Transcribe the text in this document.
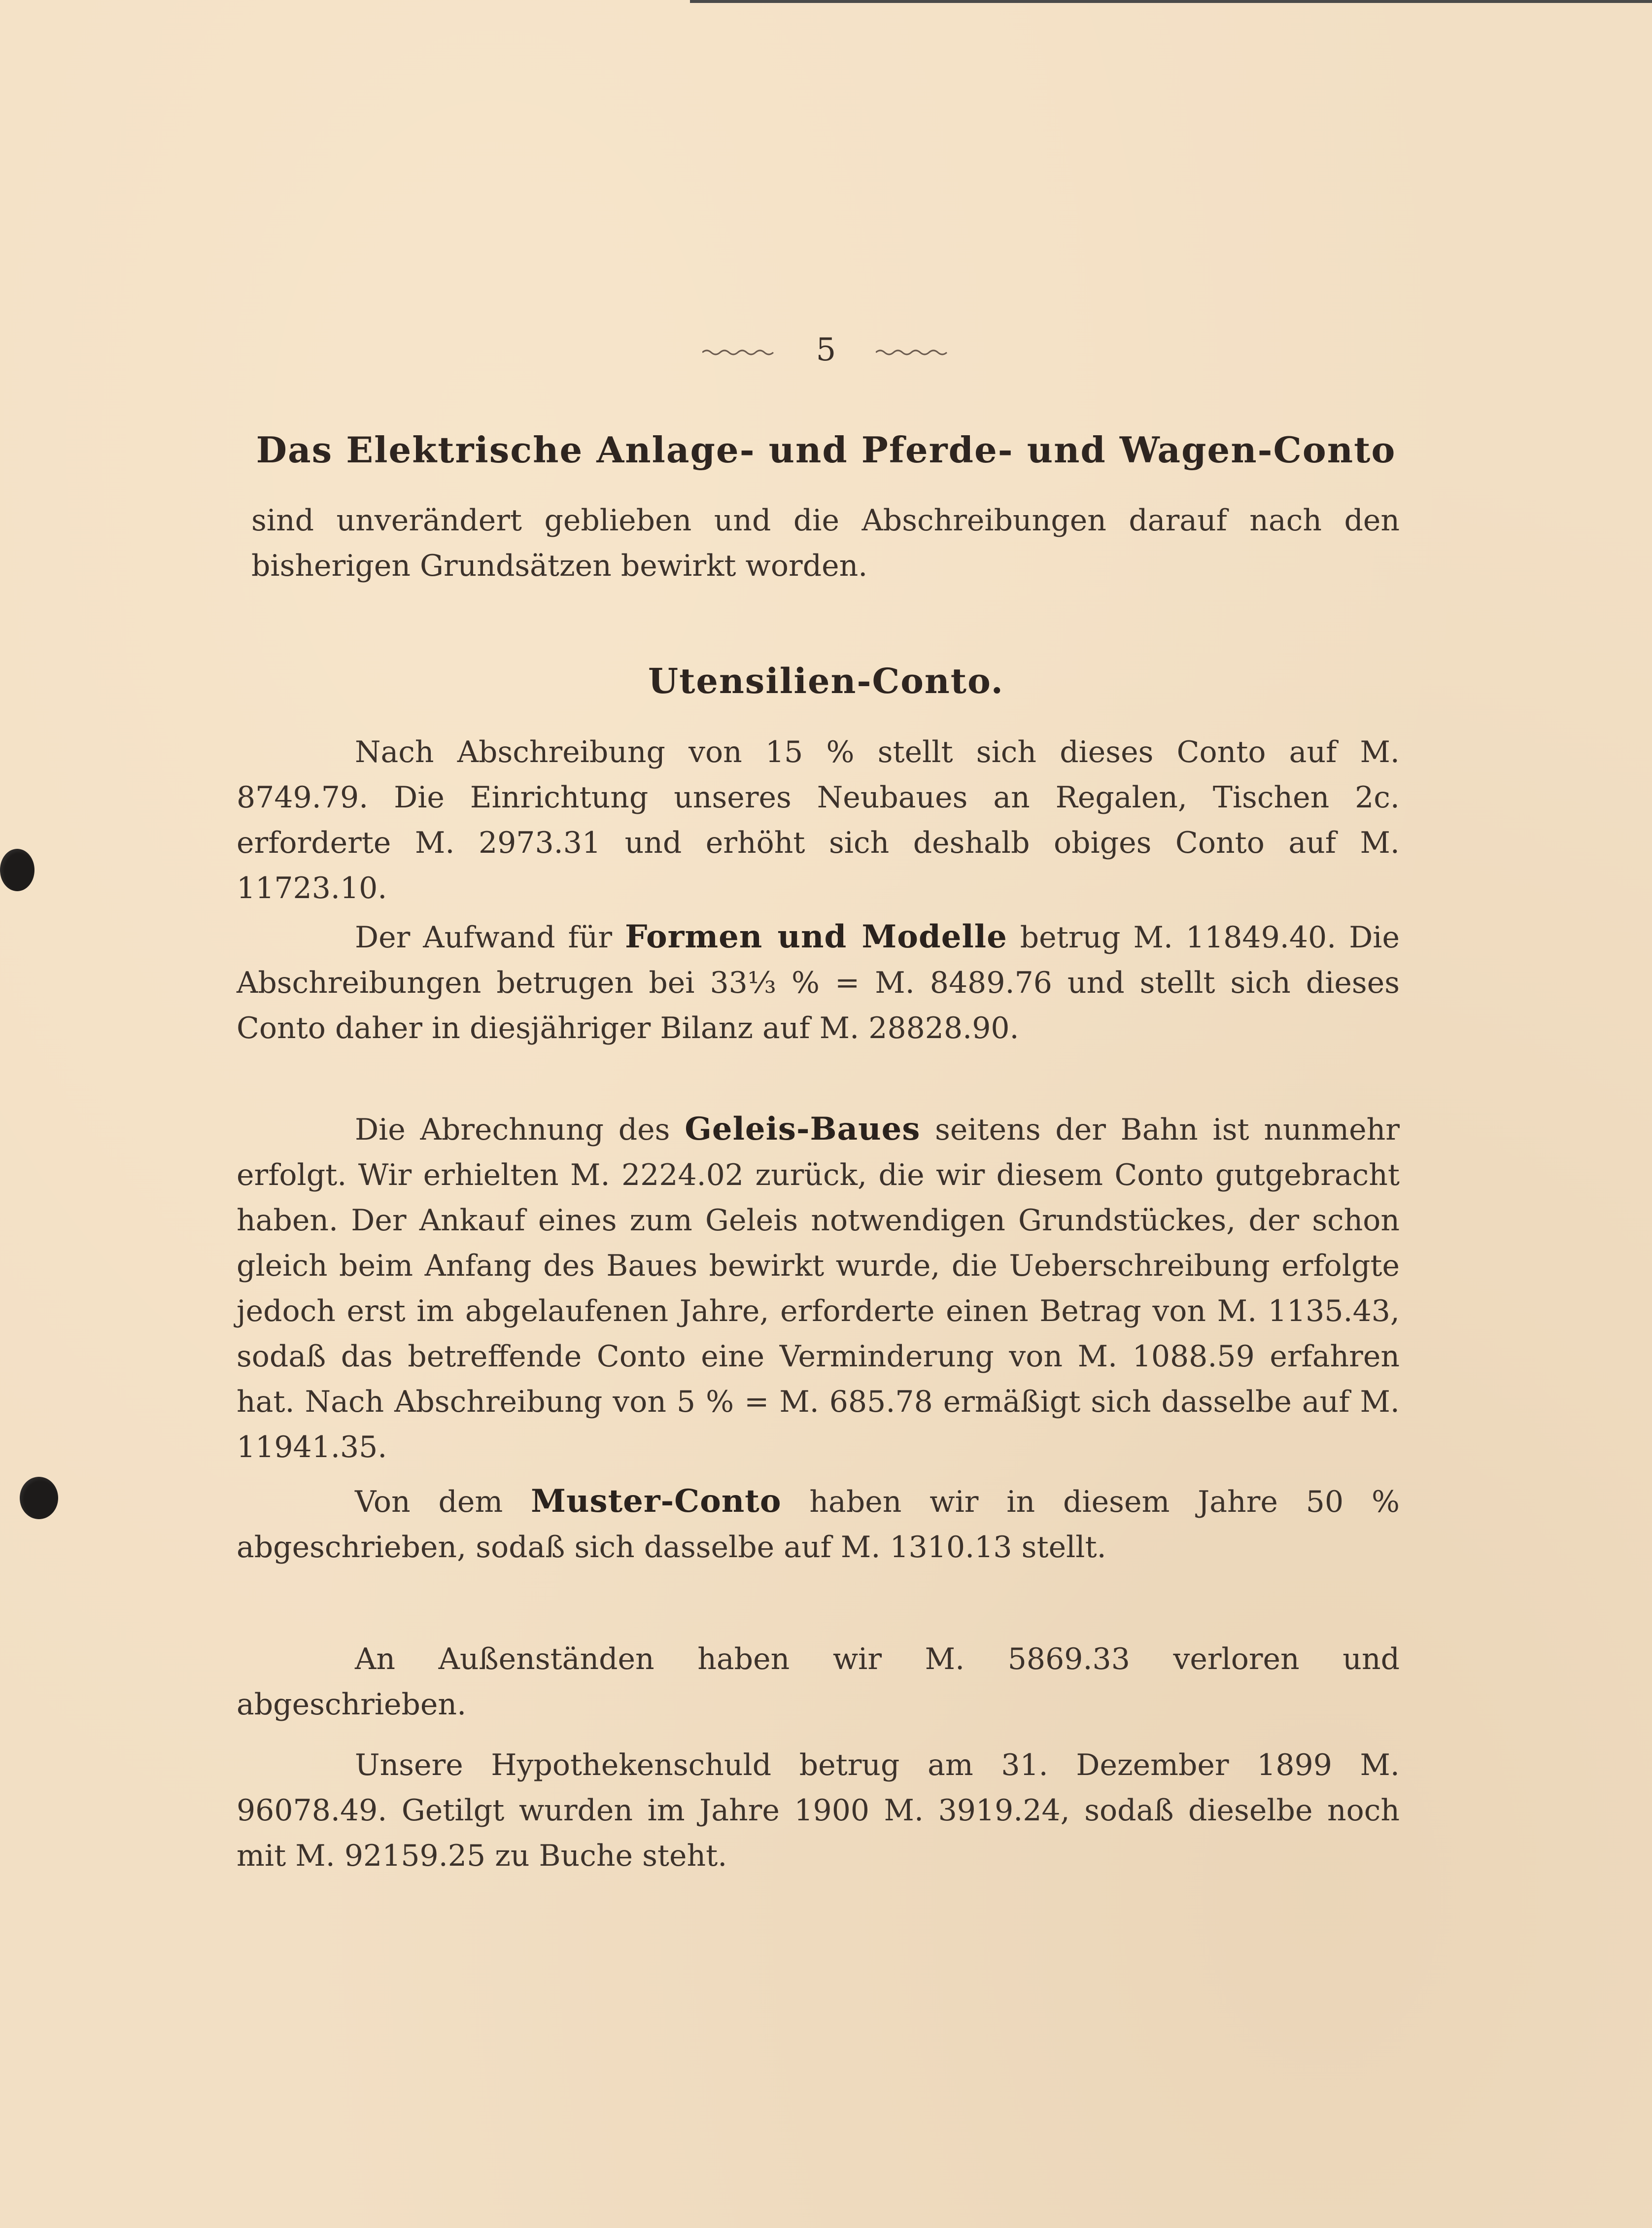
5
Das Elektrische Anlage- und Pferde- und Wagen-Conto

sind unverändert geblieben und die Abschreibungen darauf nach den bisherigen Grundsätzen bewirkt worden.

Utensilien-Conto.

Nach Abschreibung von 15 % stellt sich dieses Conto auf M. 8749.79. Die Einrichtung unseres Neubaues an Regalen, Tischen 2c. erforderte M. 2973.31 und erhöht sich deshalb obiges Conto auf M. 11723.10.

Der Aufwand für Formen und Modelle betrug M. 11849.40. Die Abschreibungen betrugen bei 33⅓ % = M. 8489.76 und stellt sich dieses Conto daher in diesjähriger Bilanz auf M. 28828.90.

Die Abrechnung des Geleis-Baues seitens der Bahn ist nunmehr erfolgt. Wir erhielten M. 2224.02 zurück, die wir diesem Conto gutgebracht haben. Der Ankauf eines zum Geleis notwendigen Grundstückes, der schon gleich beim Anfang des Baues bewirkt wurde, die Ueberschreibung erfolgte jedoch erst im abgelaufenen Jahre, erforderte einen Betrag von M. 1135.43, sodaß das betreffende Conto eine Verminderung von M. 1088.59 erfahren hat. Nach Abschreibung von 5 % = M. 685.78 ermäßigt sich dasselbe auf M. 11941.35.

Von dem Muster-Conto haben wir in diesem Jahre 50 % abgeschrieben, sodaß sich dasselbe auf M. 1310.13 stellt.

An Außenständen haben wir M. 5869.33 verloren und abgeschrieben.

Unsere Hypothekenschuld betrug am 31. Dezember 1899 M. 96078.49. Getilgt wurden im Jahre 1900 M. 3919.24, sodaß dieselbe noch mit M. 92159.25 zu Buche steht.
